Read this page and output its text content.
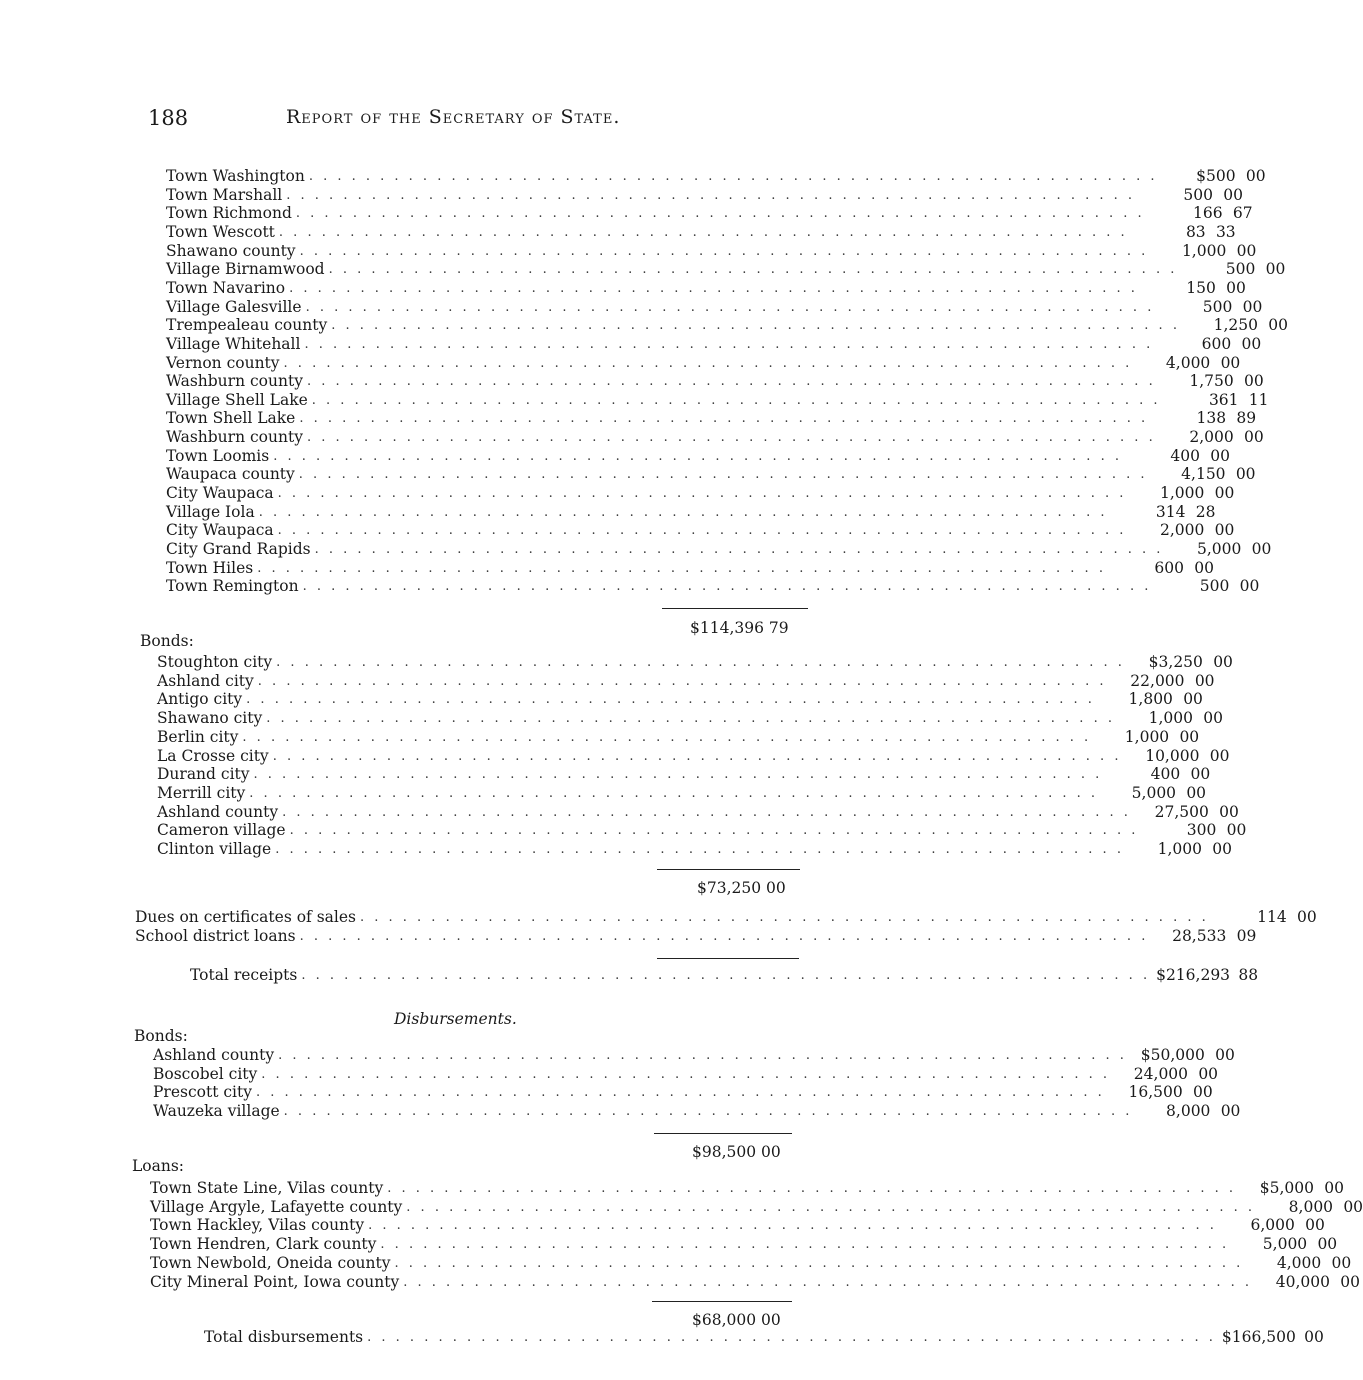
188	Report of the Secretary of State.
Town Washington . . . . . . . . . . . . . . . . . . . . . . . . . . . . . . . . . . . . . . . . . . . . . . . . . . . . . . . . . . . .	$500 00
Town Marshall . . . . . . . . . . . . . . . . . . . . . . . . . . . . . . . . . . . . . . . . . . . . . . . . . . . . . . . . . . . .	500 00
Town Richmond . . . . . . . . . . . . . . . . . . . . . . . . . . . . . . . . . . . . . . . . . . . . . . . . . . . . . . . . . . . .	166 67
Town Wescott . . . . . . . . . . . . . . . . . . . . . . . . . . . . . . . . . . . . . . . . . . . . . . . . . . . . . . . . . . . .	83 33
Shawano county . . . . . . . . . . . . . . . . . . . . . . . . . . . . . . . . . . . . . . . . . . . . . . . . . . . . . . . . . . . .	1,000 00
Village Birnamwood . . . . . . . . . . . . . . . . . . . . . . . . . . . . . . . . . . . . . . . . . . . . . . . . . . . . . . . . . . . .	500 00
Town Navarino . . . . . . . . . . . . . . . . . . . . . . . . . . . . . . . . . . . . . . . . . . . . . . . . . . . . . . . . . . . .	150 00
Village Galesville . . . . . . . . . . . . . . . . . . . . . . . . . . . . . . . . . . . . . . . . . . . . . . . . . . . . . . . . . . . .	500 00
Trempealeau county . . . . . . . . . . . . . . . . . . . . . . . . . . . . . . . . . . . . . . . . . . . . . . . . . . . . . . . . . . . .	1,250 00
Village Whitehall . . . . . . . . . . . . . . . . . . . . . . . . . . . . . . . . . . . . . . . . . . . . . . . . . . . . . . . . . . . .	600 00
Vernon county . . . . . . . . . . . . . . . . . . . . . . . . . . . . . . . . . . . . . . . . . . . . . . . . . . . . . . . . . . . .	4,000 00
Washburn county . . . . . . . . . . . . . . . . . . . . . . . . . . . . . . . . . . . . . . . . . . . . . . . . . . . . . . . . . . . .	1,750 00
Village Shell Lake . . . . . . . . . . . . . . . . . . . . . . . . . . . . . . . . . . . . . . . . . . . . . . . . . . . . . . . . . . . .	361 11
Town Shell Lake . . . . . . . . . . . . . . . . . . . . . . . . . . . . . . . . . . . . . . . . . . . . . . . . . . . . . . . . . . . .	138 89
Washburn county . . . . . . . . . . . . . . . . . . . . . . . . . . . . . . . . . . . . . . . . . . . . . . . . . . . . . . . . . . . .	2,000 00
Town Loomis . . . . . . . . . . . . . . . . . . . . . . . . . . . . . . . . . . . . . . . . . . . . . . . . . . . . . . . . . . . .	400 00
Waupaca county . . . . . . . . . . . . . . . . . . . . . . . . . . . . . . . . . . . . . . . . . . . . . . . . . . . . . . . . . . . .	4,150 00
City Waupaca . . . . . . . . . . . . . . . . . . . . . . . . . . . . . . . . . . . . . . . . . . . . . . . . . . . . . . . . . . . .	1,000 00
Village Iola . . . . . . . . . . . . . . . . . . . . . . . . . . . . . . . . . . . . . . . . . . . . . . . . . . . . . . . . . . . .	314 28
City Waupaca . . . . . . . . . . . . . . . . . . . . . . . . . . . . . . . . . . . . . . . . . . . . . . . . . . . . . . . . . . . .	2,000 00
City Grand Rapids . . . . . . . . . . . . . . . . . . . . . . . . . . . . . . . . . . . . . . . . . . . . . . . . . . . . . . . . . . . .	5,000 00
Town Hiles . . . . . . . . . . . . . . . . . . . . . . . . . . . . . . . . . . . . . . . . . . . . . . . . . . . . . . . . . . . .	600 00
Town Remington . . . . . . . . . . . . . . . . . . . . . . . . . . . . . . . . . . . . . . . . . . . . . . . . . . . . . . . . . . . .	500 00
$114,396 79
Bonds:
Stoughton city . . . . . . . . . . . . . . . . . . . . . . . . . . . . . . . . . . . . . . . . . . . . . . . . . . . . . . . . . . . .	$3,250 00
Ashland city . . . . . . . . . . . . . . . . . . . . . . . . . . . . . . . . . . . . . . . . . . . . . . . . . . . . . . . . . . . .	22,000 00
Antigo city . . . . . . . . . . . . . . . . . . . . . . . . . . . . . . . . . . . . . . . . . . . . . . . . . . . . . . . . . . . .	1,800 00
Shawano city . . . . . . . . . . . . . . . . . . . . . . . . . . . . . . . . . . . . . . . . . . . . . . . . . . . . . . . . . . . .	1,000 00
Berlin city . . . . . . . . . . . . . . . . . . . . . . . . . . . . . . . . . . . . . . . . . . . . . . . . . . . . . . . . . . . .	1,000 00
La Crosse city . . . . . . . . . . . . . . . . . . . . . . . . . . . . . . . . . . . . . . . . . . . . . . . . . . . . . . . . . . . .	10,000 00
Durand city . . . . . . . . . . . . . . . . . . . . . . . . . . . . . . . . . . . . . . . . . . . . . . . . . . . . . . . . . . . .	400 00
Merrill city . . . . . . . . . . . . . . . . . . . . . . . . . . . . . . . . . . . . . . . . . . . . . . . . . . . . . . . . . . . .	5,000 00
Ashland county . . . . . . . . . . . . . . . . . . . . . . . . . . . . . . . . . . . . . . . . . . . . . . . . . . . . . . . . . . . .	27,500 00
Cameron village . . . . . . . . . . . . . . . . . . . . . . . . . . . . . . . . . . . . . . . . . . . . . . . . . . . . . . . . . . . .	300 00
Clinton village . . . . . . . . . . . . . . . . . . . . . . . . . . . . . . . . . . . . . . . . . . . . . . . . . . . . . . . . . . . .	1,000 00
$73,250 00
Dues on certificates of sales . . . . . . . . . . . . . . . . . . . . . . . . . . . . . . . . . . . . . . . . . . . . . . . . . . . . . . . . . . . .	114 00
School district loans . . . . . . . . . . . . . . . . . . . . . . . . . . . . . . . . . . . . . . . . . . . . . . . . . . . . . . . . . . . .	28,533 09
Total receipts . . . . . . . . . . . . . . . . . . . . . . . . . . . . . . . . . . . . . . . . . . . . . . . . . . . . . . . . . . . . $216,293 88
Disbursements.
Bonds:
Ashland county . . . . . . . . . . . . . . . . . . . . . . . . . . . . . . . . . . . . . . . . . . . . . . . . . . . . . . . . . . . . $50,000 00
Boscobel city . . . . . . . . . . . . . . . . . . . . . . . . . . . . . . . . . . . . . . . . . . . . . . . . . . . . . . . . . . . .	24,000 00
Prescott city . . . . . . . . . . . . . . . . . . . . . . . . . . . . . . . . . . . . . . . . . . . . . . . . . . . . . . . . . . . .	16,500 00
Wauzeka village . . . . . . . . . . . . . . . . . . . . . . . . . . . . . . . . . . . . . . . . . . . . . . . . . . . . . . . . . . . .	8,000 00
$98,500 00
Loans:
Town State Line, Vilas county . . . . . . . . . . . . . . . . . . . . . . . . . . . . . . . . . . . . . . . . . . . . . . . . . . . . . . . . . . . .	$5,000 00
Village Argyle, Lafayette county . . . . . . . . . . . . . . . . . . . . . . . . . . . . . . . . . . . . . . . . . . . . . . . . . . . . . . . . . . . .	8,000 00
Town Hackley, Vilas county . . . . . . . . . . . . . . . . . . . . . . . . . . . . . . . . . . . . . . . . . . . . . . . . . . . . . . . . . . . .	6,000 00
Town Hendren, Clark county . . . . . . . . . . . . . . . . . . . . . . . . . . . . . . . . . . . . . . . . . . . . . . . . . . . . . . . . . . . .	5,000 00
Town Newbold, Oneida county . . . . . . . . . . . . . . . . . . . . . . . . . . . . . . . . . . . . . . . . . . . . . . . . . . . . . . . . . . . .	4,000 00
City Mineral Point, Iowa county . . . . . . . . . . . . . . . . . . . . . . . . . . . . . . . . . . . . . . . . . . . . . . . . . . . . . . . . . . . .	40,000 00
$68,000 00
Total disbursements . . . . . . . . . . . . . . . . . . . . . . . . . . . . . . . . . . . . . . . . . . . . . . . . . . . . . . . . . . . . $166,500 00
